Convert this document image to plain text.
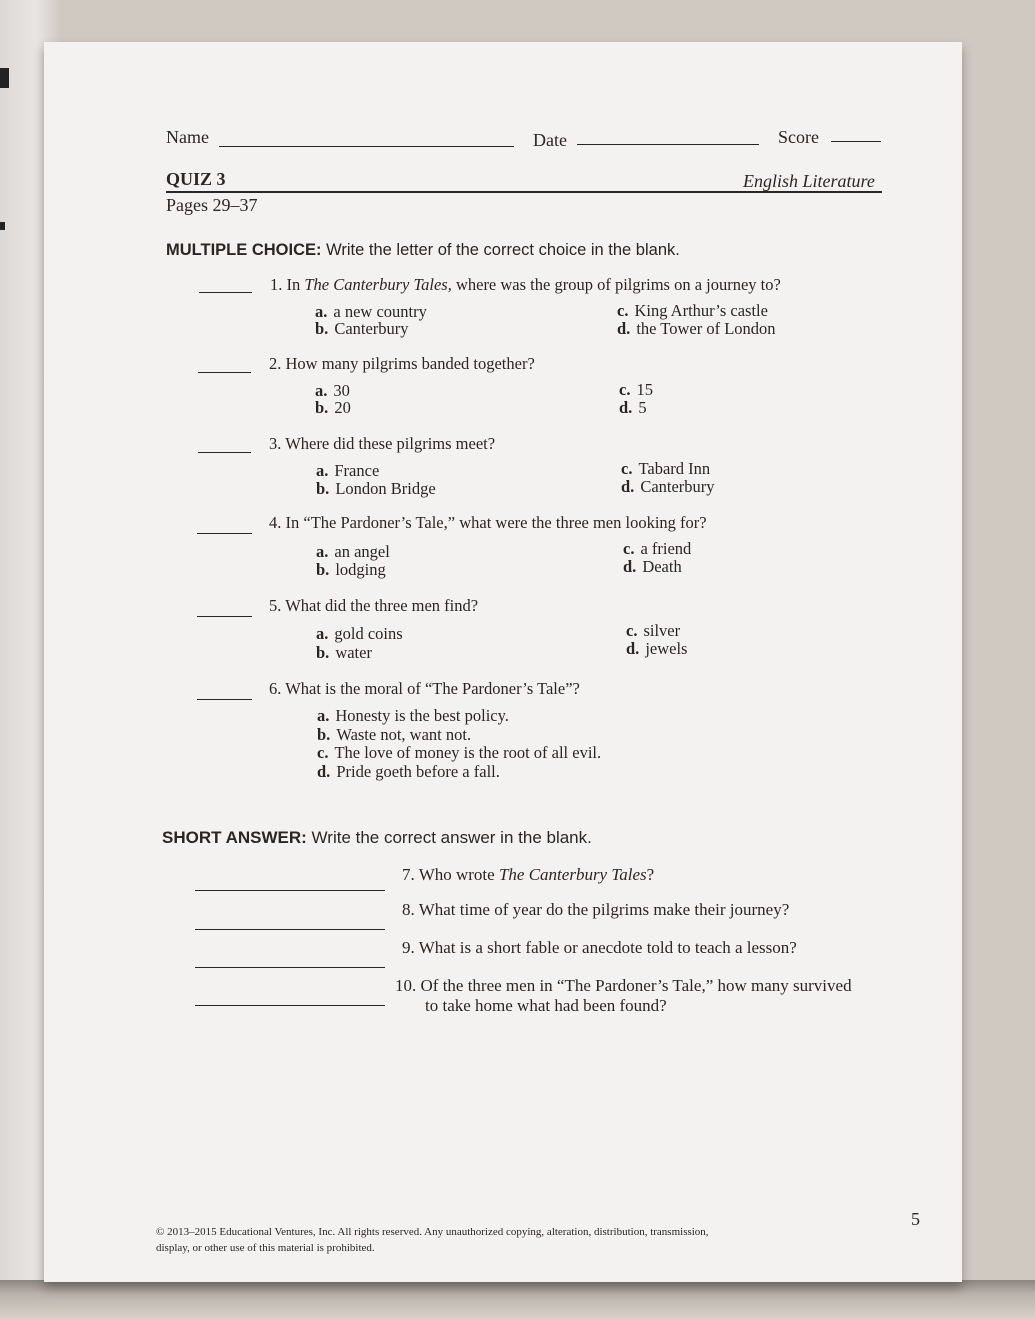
Name	Date	Score
QUIZ 3	English Literature
Pages 29–37
MULTIPLE CHOICE: Write the letter of the correct choice in the blank.
1. In The Canterbury Tales, where was the group of pilgrims on a journey to?
a. a new country
b. Canterbury
c. King Arthur’s castle
d. the Tower of London
2. How many pilgrims banded together?
a. 30
b. 20
c. 15
d. 5
3. Where did these pilgrims meet?
a. France
b. London Bridge
c. Tabard Inn
d. Canterbury
4. In “The Pardoner’s Tale,” what were the three men looking for?
a. an angel
b. lodging
c. a friend
d. Death
5. What did the three men find?
a. gold coins
b. water
c. silver
d. jewels
6. What is the moral of “The Pardoner’s Tale”?
a. Honesty is the best policy.
b. Waste not, want not.
c. The love of money is the root of all evil.
d. Pride goeth before a fall.
SHORT ANSWER: Write the correct answer in the blank.
7. Who wrote The Canterbury Tales?
8. What time of year do the pilgrims make their journey?
9. What is a short fable or anecdote told to teach a lesson?
10. Of the three men in “The Pardoner’s Tale,” how many survived
to take home what had been found?
© 2013–2015 Educational Ventures, Inc. All rights reserved. Any unauthorized copying, alteration, distribution, transmission,
display, or other use of this material is prohibited.
5
